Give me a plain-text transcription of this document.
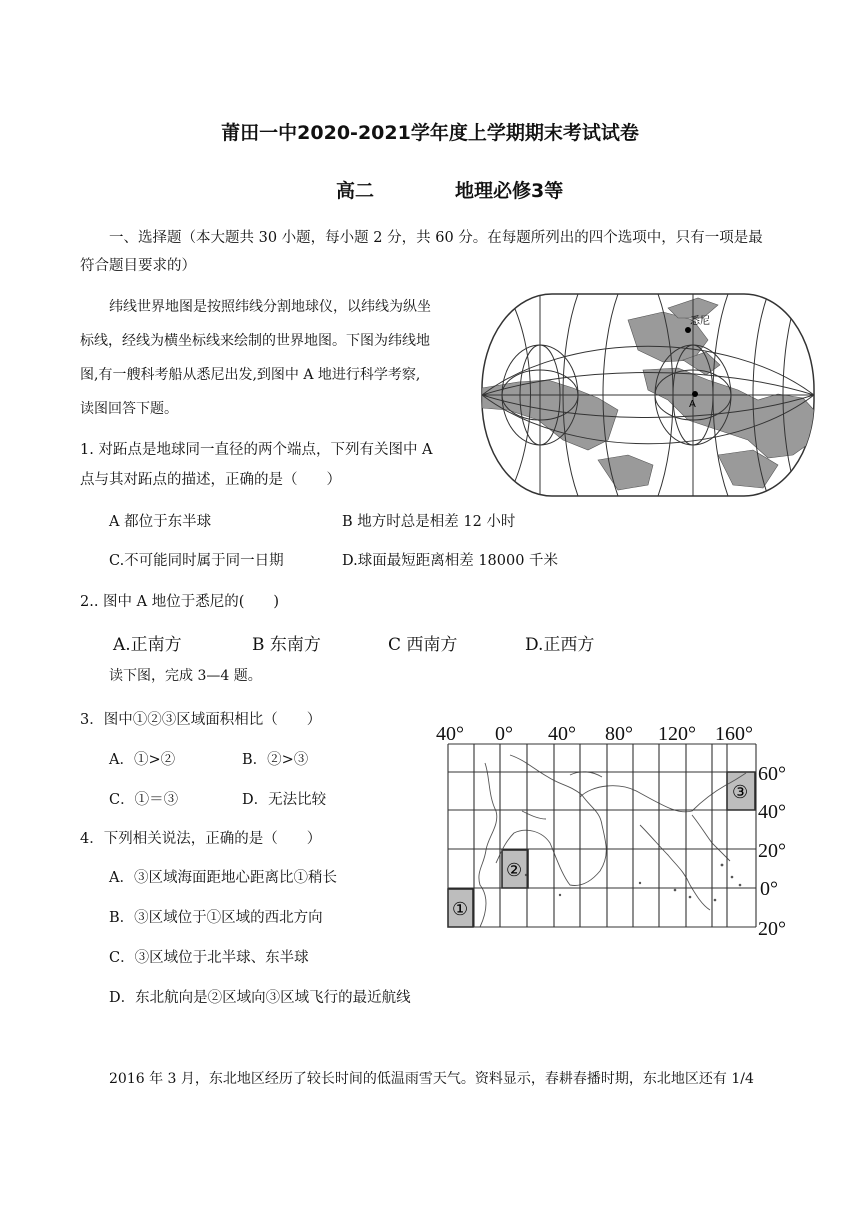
莆田一中2020-2021学年度上学期期末考试试卷
高二	地理必修3等
一、选择题（本大题共 30 小题，每小题 2 分，共 60 分。在每题所列出的四个选项中，只有一项是最
符合题目要求的）
纬线世界地图是按照纬线分割地球仪，以纬线为纵坐
标线，经线为横坐标线来绘制的世界地图。下图为纬线地
图,有一艘科考船从悉尼出发,到图中 A 地进行科学考察,
读图回答下题。
1. 对跖点是地球同一直径的两个端点，下列有关图中 A
点与其对跖点的描述，正确的是（　　）
A 都位于东半球	B 地方时总是相差 12 小时
C.不可能同时属于同一日期	D.球面最短距离相差 18000 千米
2.. 图中 A 地位于悉尼的(　　)
A.正南方	B 东南方	C 西南方	D.正西方
读下图，完成 3—4 题。
3．图中①②③区域面积相比（　　）
A．①>②	B．②>③
C．①＝③	D．无法比较
4．下列相关说法，正确的是（　　）
A．③区域海面距地心距离比①稍长
B．③区域位于①区域的西北方向
C．③区域位于北半球、东半球
D．东北航向是②区域向③区域飞行的最近航线
2016 年 3 月，东北地区经历了较长时间的低温雨雪天气。资料显示，春耕春播时期，东北地区还有 1/4
悉尼
A
40° 0° 40° 80° 120° 160°
60°
40°
20°
0°
20°
①
②
③
